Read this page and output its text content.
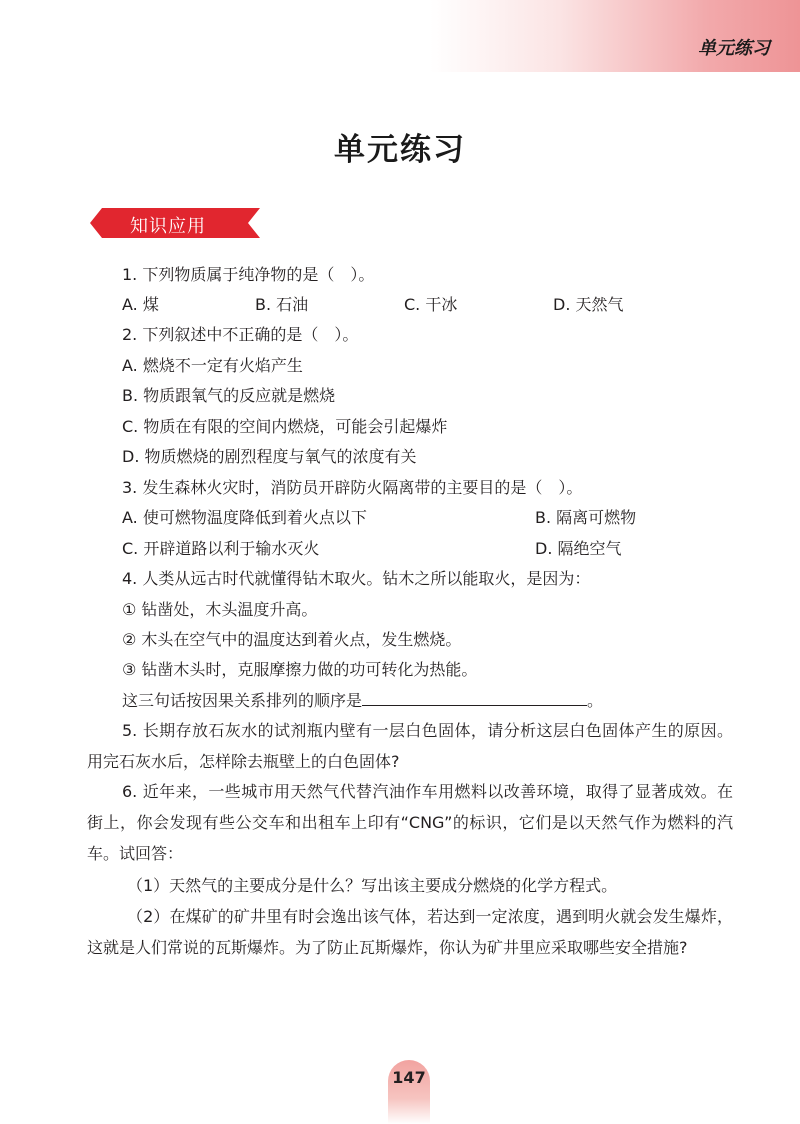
单元练习
单元练习
知识应用
1. 下列物质属于纯净物的是（　）。
A. 煤	B. 石油	C. 干冰	D. 天然气
2. 下列叙述中不正确的是（　）。
A. 燃烧不一定有火焰产生
B. 物质跟氧气的反应就是燃烧
C. 物质在有限的空间内燃烧，可能会引起爆炸
D. 物质燃烧的剧烈程度与氧气的浓度有关
3. 发生森林火灾时，消防员开辟防火隔离带的主要目的是（　）。
A. 使可燃物温度降低到着火点以下	B. 隔离可燃物
C. 开辟道路以利于输水灭火	D. 隔绝空气
4. 人类从远古时代就懂得钻木取火。钻木之所以能取火，是因为：
① 钻凿处，木头温度升高。
② 木头在空气中的温度达到着火点，发生燃烧。
③ 钻凿木头时，克服摩擦力做的功可转化为热能。
这三句话按因果关系排列的顺序是	。
5. 长期存放石灰水的试剂瓶内壁有一层白色固体，请分析这层白色固体产生的原因。用完石灰水后，怎样除去瓶壁上的白色固体?
6. 近年来，一些城市用天然气代替汽油作车用燃料以改善环境，取得了显著成效。在街上，你会发现有些公交车和出租车上印有“CNG”的标识，它们是以天然气作为燃料的汽车。试回答：
（1）天然气的主要成分是什么？写出该主要成分燃烧的化学方程式。
（2）在煤矿的矿井里有时会逸出该气体，若达到一定浓度，遇到明火就会发生爆炸，这就是人们常说的瓦斯爆炸。为了防止瓦斯爆炸，你认为矿井里应采取哪些安全措施?
147
